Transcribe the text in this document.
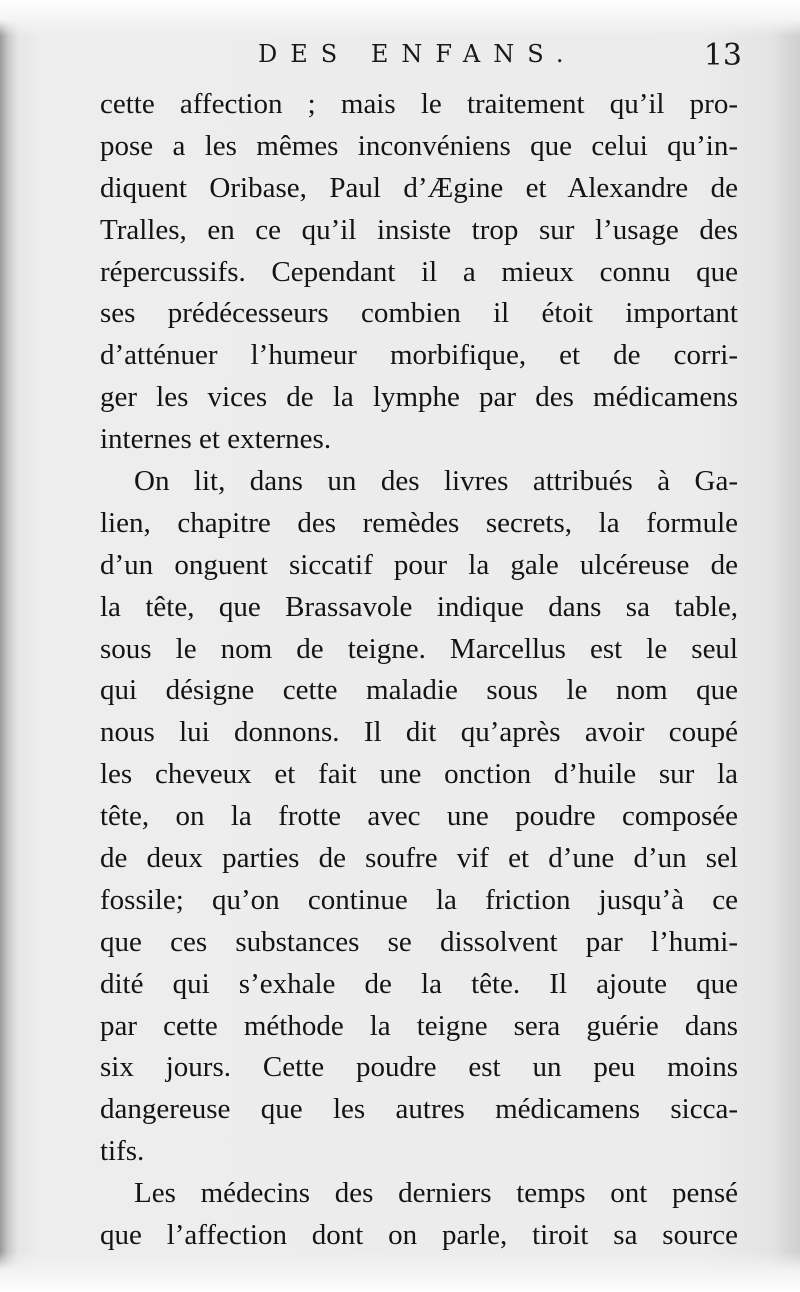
DES ENFANS.	13
cette affection ; mais le traitement qu’il pro-
pose a les mêmes inconvéniens que celui qu’in-
diquent Oribase, Paul d’Ægine et Alexandre de
Tralles, en ce qu’il insiste trop sur l’usage des
répercussifs. Cependant il a mieux connu que
ses prédécesseurs combien il étoit important
d’atténuer l’humeur morbifique, et de corri-
ger les vices de la lymphe par des médicamens
internes et externes.
On lit, dans un des livres attribués à Ga-
lien, chapitre des remèdes secrets, la formule
d’un onguent siccatif pour la gale ulcéreuse de
la tête, que Brassavole indique dans sa table,
sous le nom de teigne. Marcellus est le seul
qui désigne cette maladie sous le nom que
nous lui donnons. Il dit qu’après avoir coupé
les cheveux et fait une onction d’huile sur la
tête, on la frotte avec une poudre composée
de deux parties de soufre vif et d’une d’un sel
fossile; qu’on continue la friction jusqu’à ce
que ces substances se dissolvent par l’humi-
dité qui s’exhale de la tête. Il ajoute que
par cette méthode la teigne sera guérie dans
six jours. Cette poudre est un peu moins
dangereuse que les autres médicamens sicca-
tifs.
Les médecins des derniers temps ont pensé
que l’affection dont on parle, tiroit sa source
